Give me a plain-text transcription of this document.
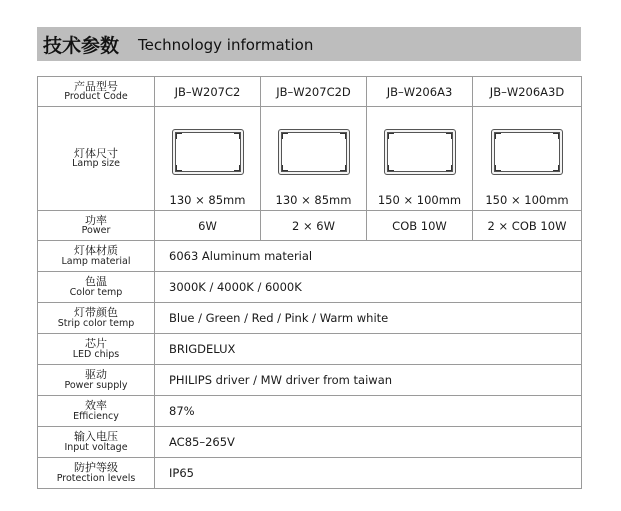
技术参数 Technology information
产品型号
Product Code	JB–W207C2	JB–W207C2D	JB–W206A3	JB–W206A3D

灯体尺寸
Lamp size	130 × 85mm	130 × 85mm	150 × 100mm	150 × 100mm

功率
Power	6W	2 × 6W	COB 10W	2 × COB 10W

灯体材质
Lamp material	6063 Aluminum material			

色温
Color temp	3000K / 4000K / 6000K			

灯带颜色
Strip color temp	Blue / Green / Red / Pink / Warm white			

芯片
LED chips	BRIGDELUX			

驱动
Power supply	PHILIPS driver / MW driver from taiwan			

效率
Efficiency	87%			

输入电压
Input voltage	AC85–265V			

防护等级
Protection levels	IP65			
